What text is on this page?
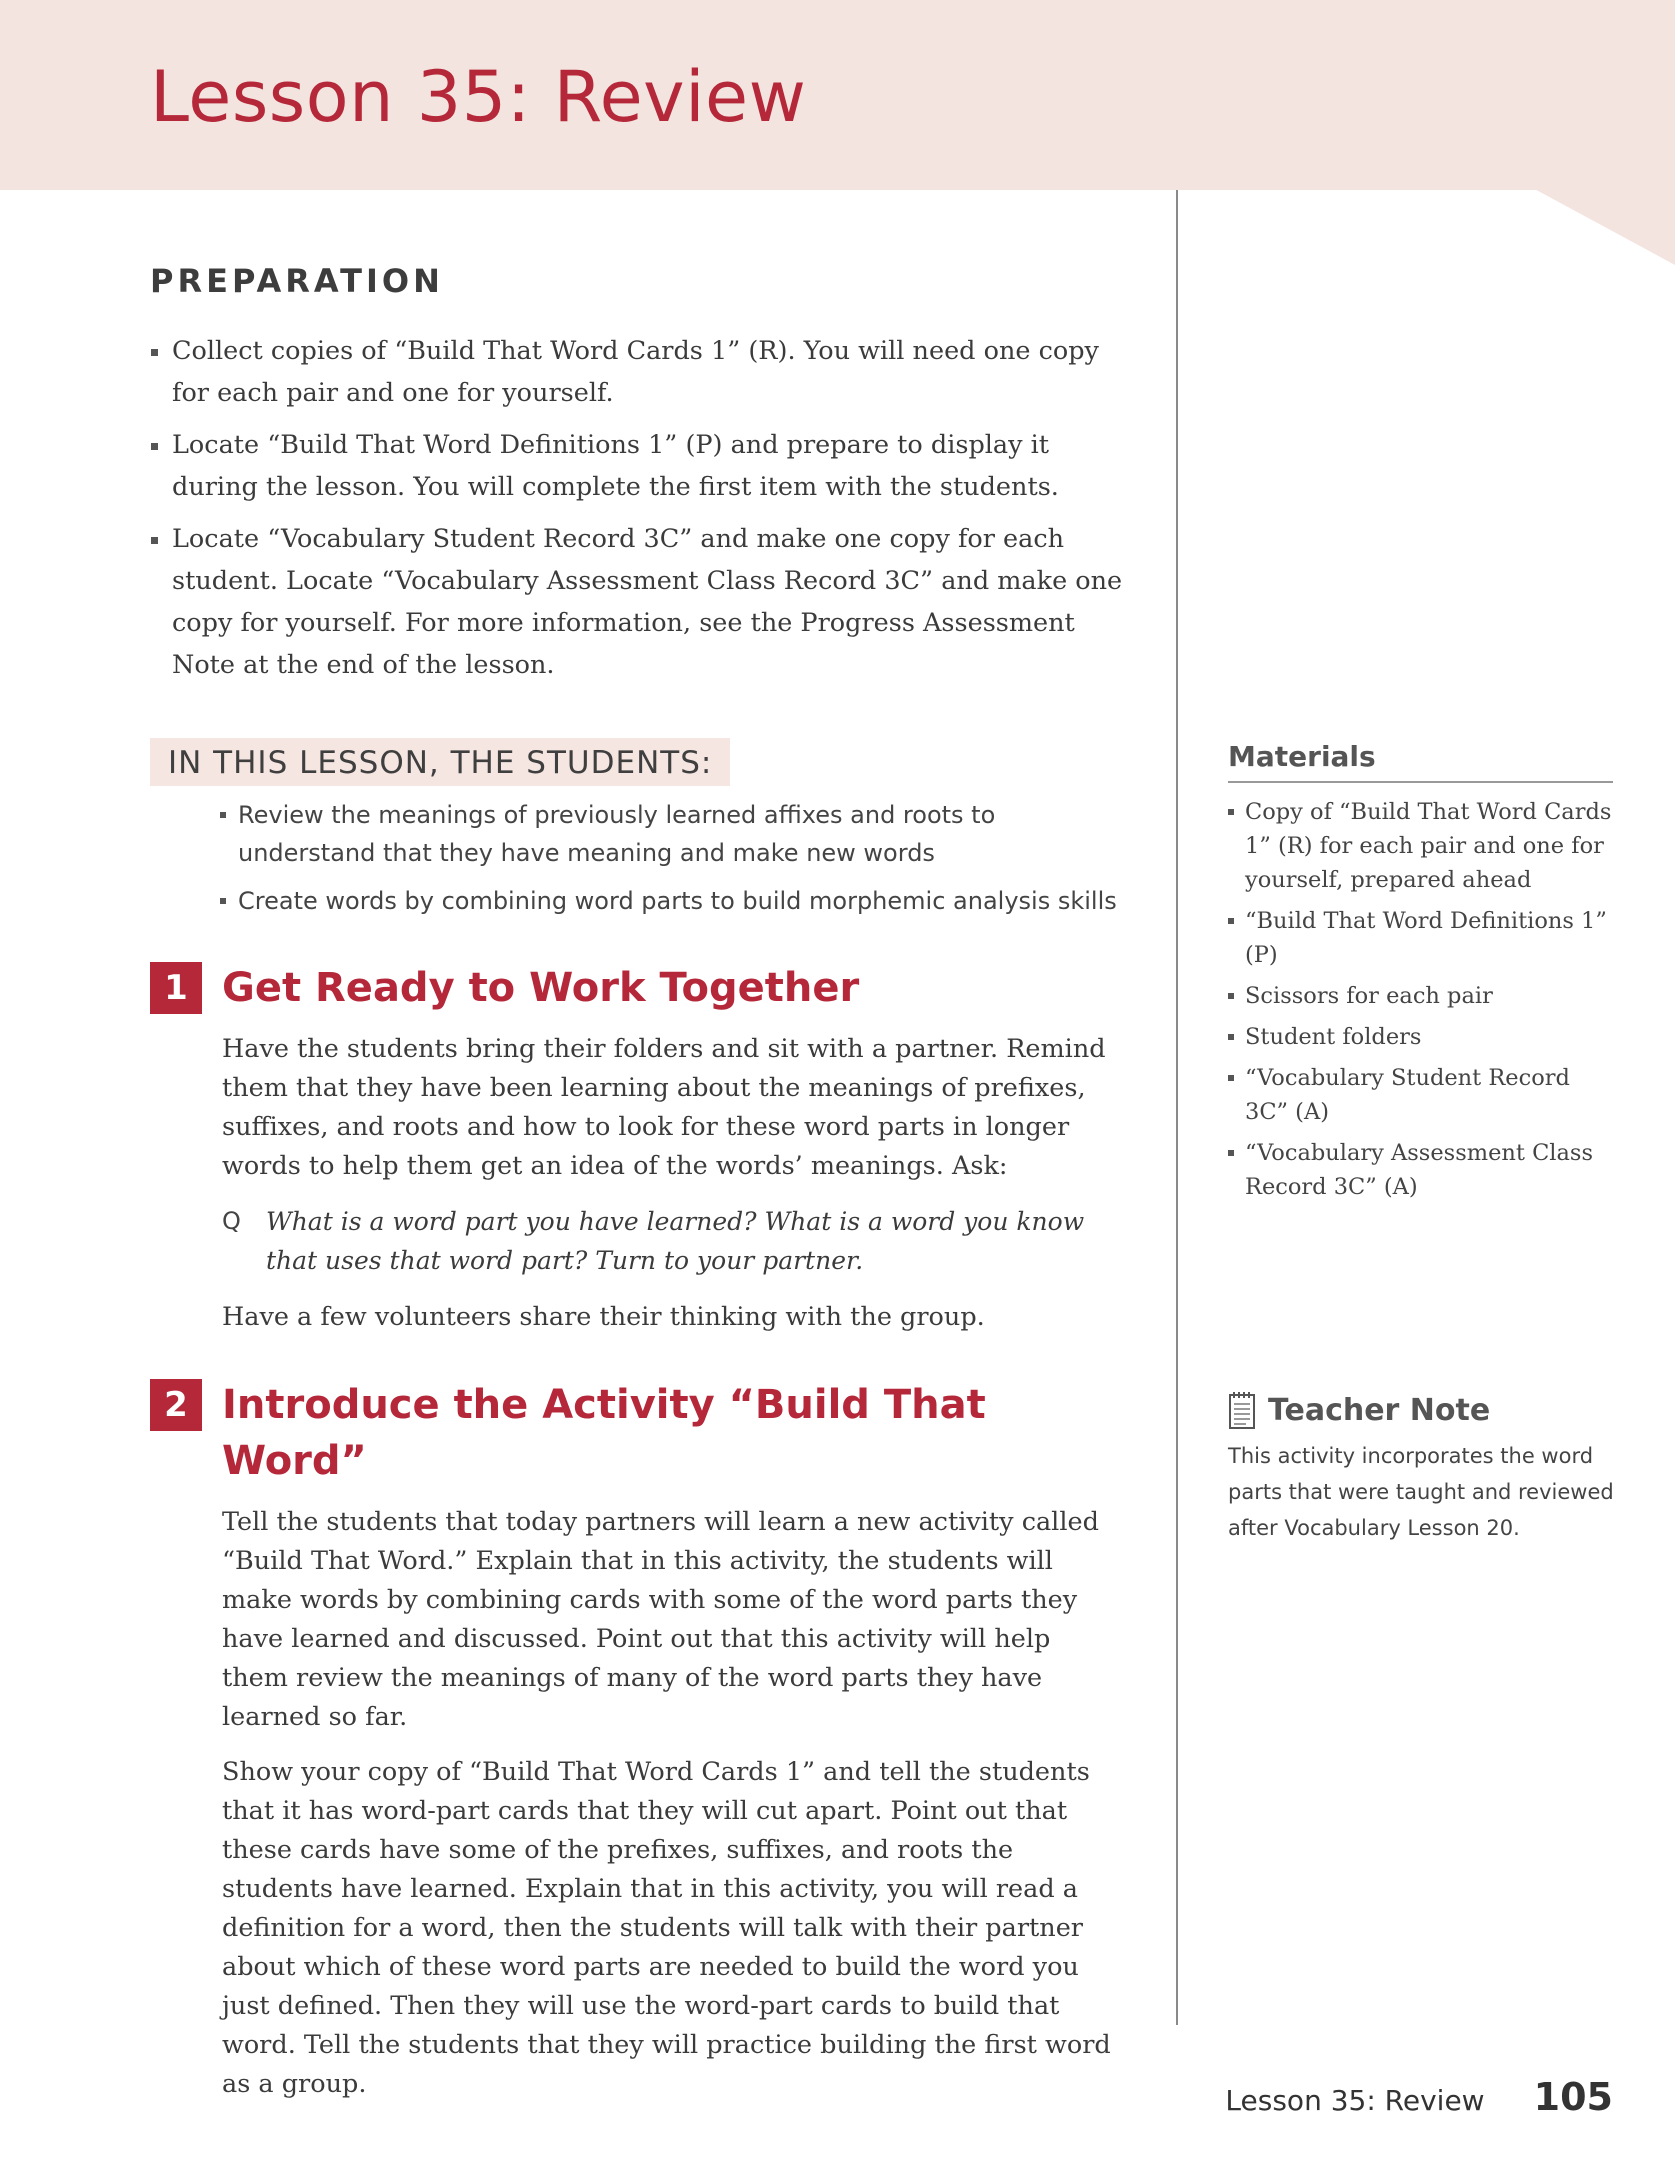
Lesson 35: Review
PREPARATION
Collect copies of “Build That Word Cards 1” (R). You will need one copy for each pair and one for yourself.
Locate “Build That Word Definitions 1” (P) and prepare to display it during the lesson. You will complete the first item with the students.
Locate “Vocabulary Student Record 3C” and make one copy for each student. Locate “Vocabulary Assessment Class Record 3C” and make one copy for yourself. For more information, see the Progress Assessment Note at the end of the lesson.
IN THIS LESSON, THE STUDENTS:
Review the meanings of previously learned affixes and roots to understand that they have meaning and make new words
Create words by combining word parts to build morphemic analysis skills
1 Get Ready to Work Together

Have the students bring their folders and sit with a partner. Remind them that they have been learning about the meanings of prefixes, suffixes, and roots and how to look for these word parts in longer words to help them get an idea of the words’ meanings. Ask:

Q What is a word part you have learned? What is a word you know that uses that word part? Turn to your partner.

Have a few volunteers share their thinking with the group.

2 Introduce the Activity “Build That Word”

Tell the students that today partners will learn a new activity called “Build That Word.” Explain that in this activity, the students will make words by combining cards with some of the word parts they have learned and discussed. Point out that this activity will help them review the meanings of many of the word parts they have learned so far.

Show your copy of “Build That Word Cards 1” and tell the students that it has word-part cards that they will cut apart. Point out that these cards have some of the prefixes, suffixes, and roots the students have learned. Explain that in this activity, you will read a definition for a word, then the students will talk with their partner about which of these word parts are needed to build the word you just defined. Then they will use the word-part cards to build that word. Tell the students that they will practice building the first word as a group.

Materials
Copy of “Build That Word Cards 1” (R) for each pair and one for yourself, prepared ahead
“Build That Word Definitions 1” (P)
Scissors for each pair
Student folders
“Vocabulary Student Record 3C” (A)
“Vocabulary Assessment Class Record 3C” (A)
Teacher Note

This activity incorporates the word parts that were taught and reviewed after Vocabulary Lesson 20.

Lesson 35: Review 105
